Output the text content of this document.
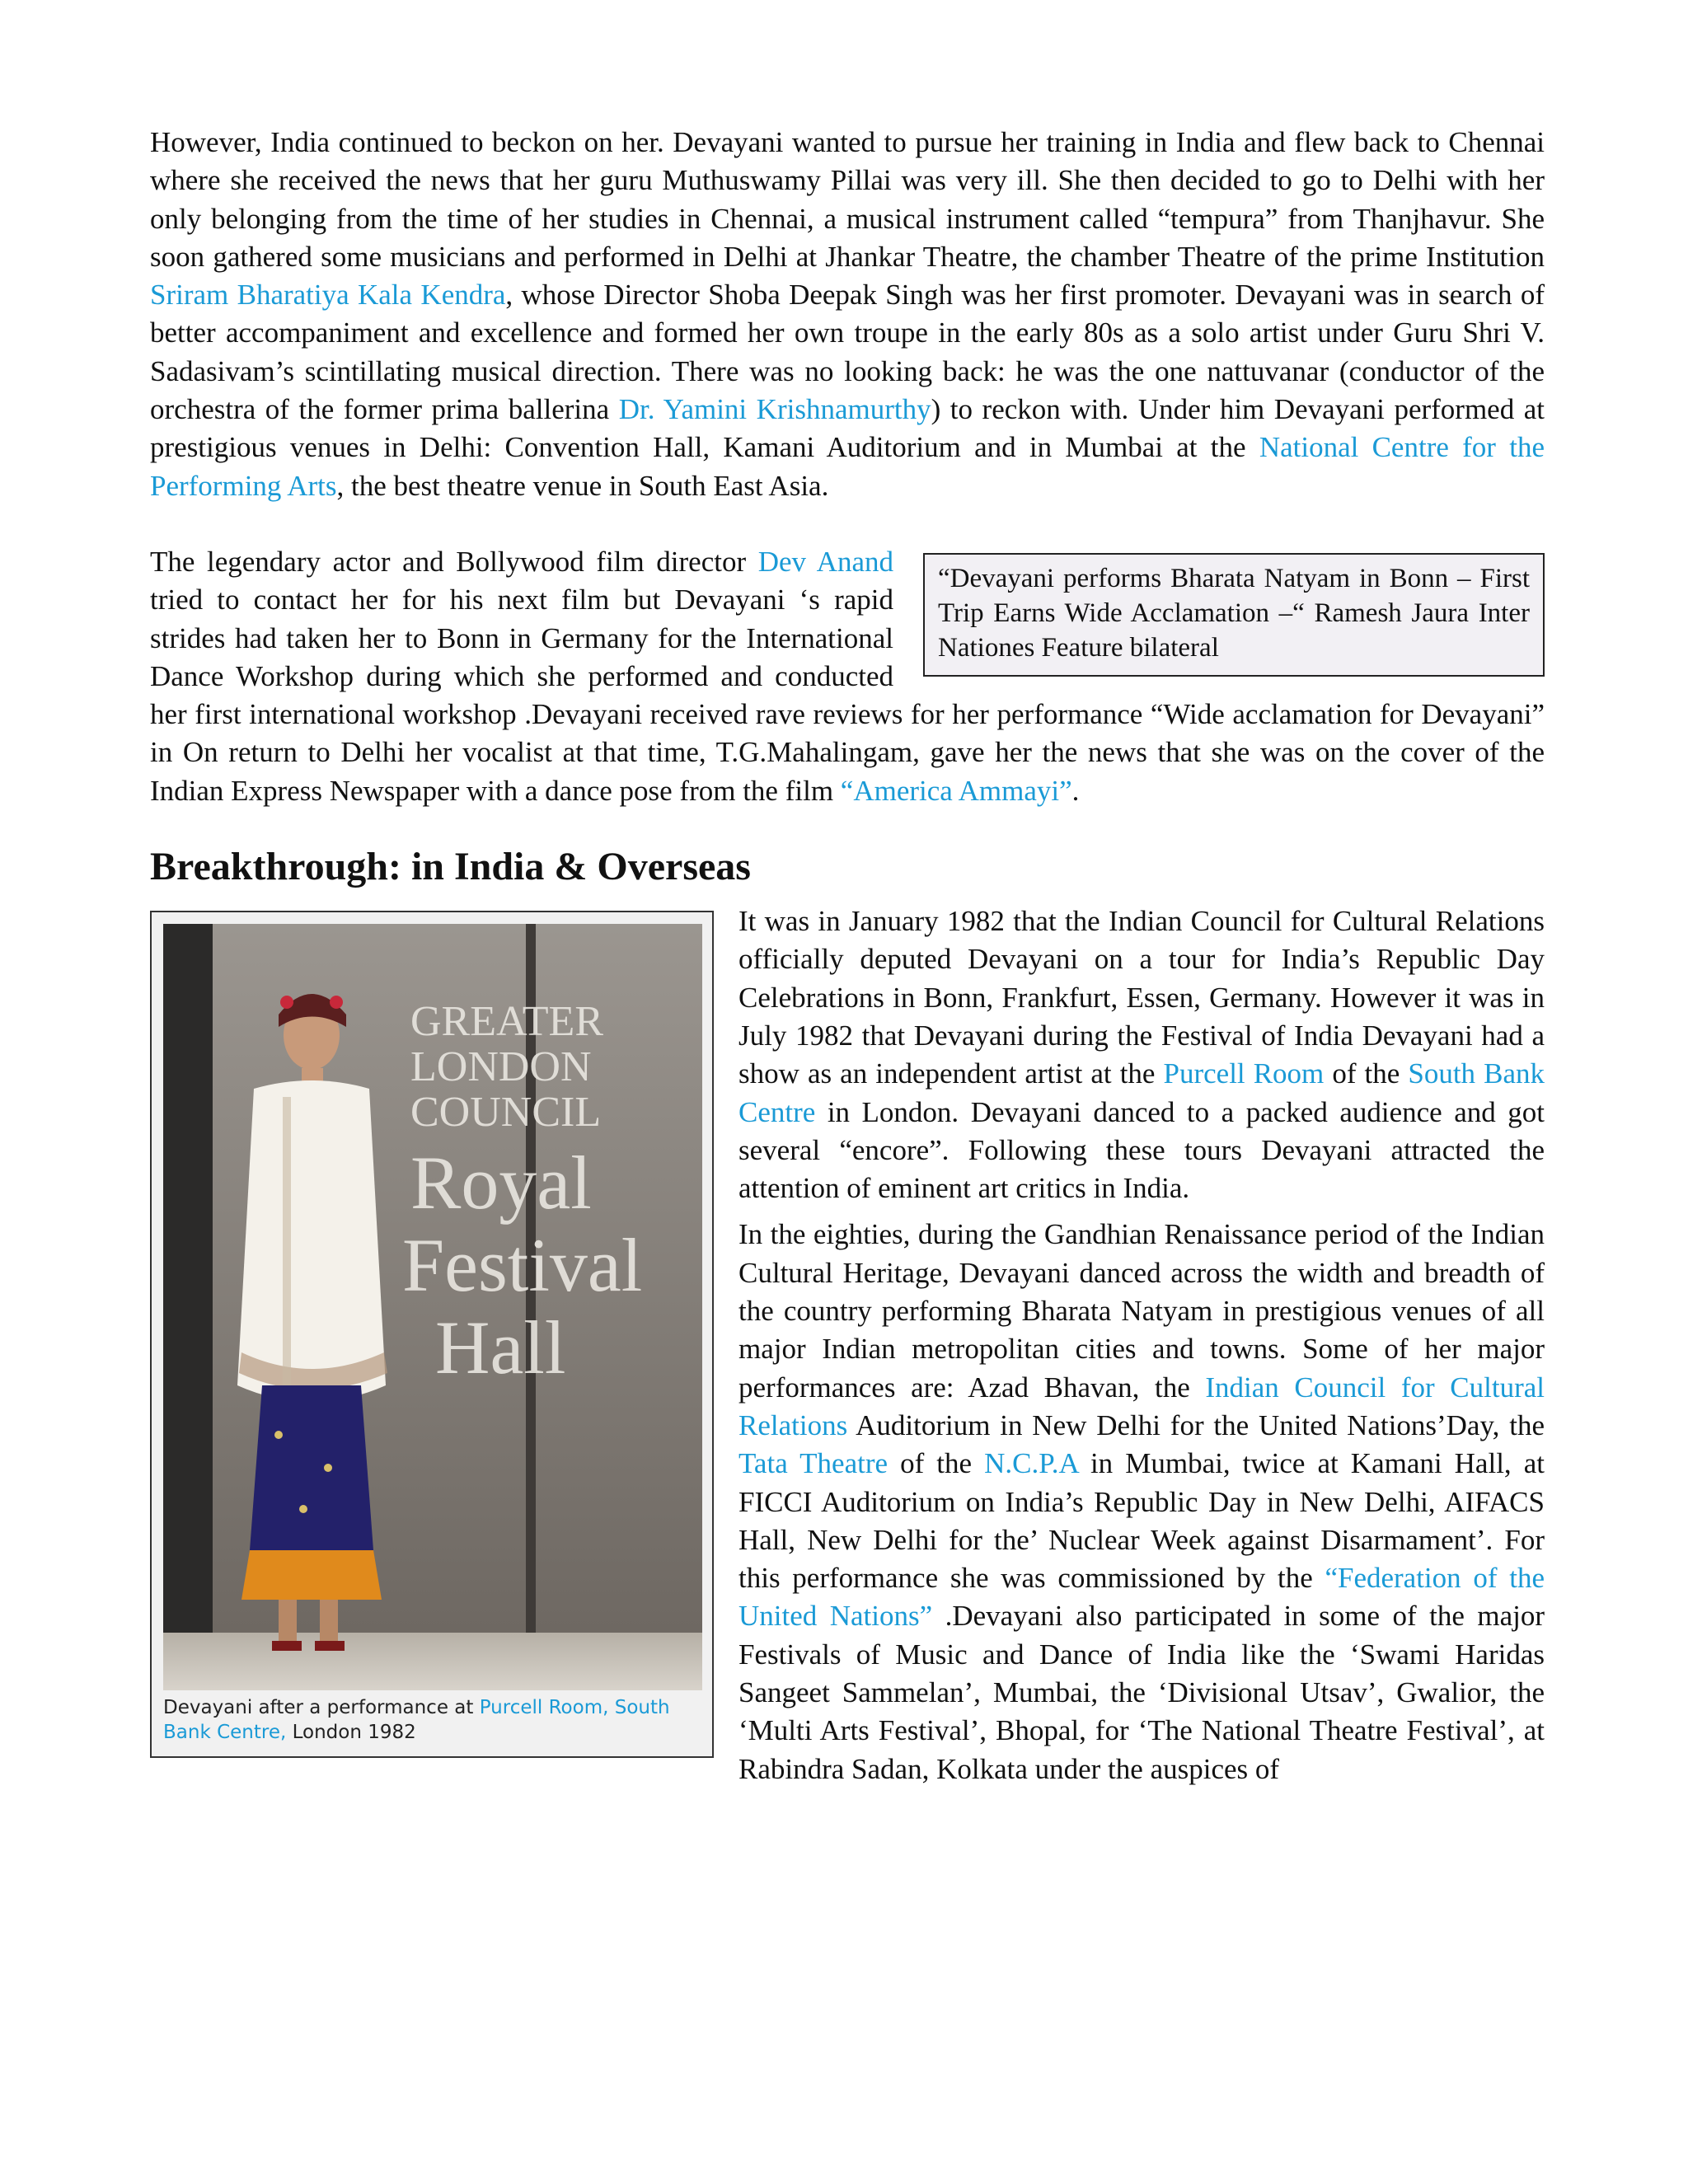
However, India continued to beckon on her. Devayani wanted to pursue her training in India and flew back to Chennai where she received the news that her guru Muthuswamy Pillai was very ill. She then decided to go to Delhi with her only belonging from the time of her studies in Chennai, a musical instrument called “tempura” from Thanjhavur. She soon gathered some musicians and performed in Delhi at Jhankar Theatre, the chamber Theatre of the prime Institution Sriram Bharatiya Kala Kendra, whose Director Shoba Deepak Singh was her first promoter. Devayani was in search of better accompaniment and excellence and formed her own troupe in the early 80s as a solo artist under Guru Shri V. Sadasivam’s scintillating musical direction. There was no looking back: he was the one nattuvanar (conductor of the orchestra of the former prima ballerina Dr. Yamini Krishnamurthy) to reckon with. Under him Devayani performed at prestigious venues in Delhi: Convention Hall, Kamani Auditorium and in Mumbai at the National Centre for the Performing Arts, the best theatre venue in South East Asia.

“Devayani performs Bharata Natyam in Bonn – First Trip Earns Wide Acclamation –“ Ramesh Jaura Inter Nationes Feature bilateral

The legendary actor and Bollywood film director Dev Anand tried to contact her for his next film but Devayani ‘s rapid strides had taken her to Bonn in Germany for the International Dance Workshop during which she performed and conducted her first international workshop .Devayani received rave reviews for her performance “Wide acclamation for Devayani” in On return to Delhi her vocalist at that time, T.G.Mahalingam, gave her the news that she was on the cover of the Indian Express Newspaper with a dance pose from the film “America Ammayi”.

Breakthrough: in India & Overseas
GREATER
LONDON
COUNCIL
Royal
Festival
Hall
Devayani after a performance at Purcell Room, South Bank Centre, London 1982

It was in January 1982 that the Indian Council for Cultural Relations officially deputed Devayani on a tour for India’s Republic Day Celebrations in Bonn, Frankfurt, Essen, Germany. However it was in July 1982 that Devayani during the Festival of India Devayani had a show as an independent artist at the Purcell Room of the South Bank Centre in London. Devayani danced to a packed audience and got several “encore”. Following these tours Devayani attracted the attention of eminent art critics in India.

In the eighties, during the Gandhian Renaissance period of the Indian Cultural Heritage, Devayani danced across the width and breadth of the country performing Bharata Natyam in prestigious venues of all major Indian metropolitan cities and towns. Some of her major performances are: Azad Bhavan, the Indian Council for Cultural Relations Auditorium in New Delhi for the United Nations’Day, the Tata Theatre of the N.C.P.A in Mumbai, twice at Kamani Hall, at FICCI Auditorium on India’s Republic Day in New Delhi, AIFACS Hall, New Delhi for the’ Nuclear Week against Disarmament’. For this performance she was commissioned by the “Federation of the United Nations” .Devayani also participated in some of the major Festivals of Music and Dance of India like the ‘Swami Haridas Sangeet Sammelan’, Mumbai, the ‘Divisional Utsav’, Gwalior, the ‘Multi Arts Festival’, Bhopal, for ‘The National Theatre Festival’, at Rabindra Sadan, Kolkata under the auspices of
